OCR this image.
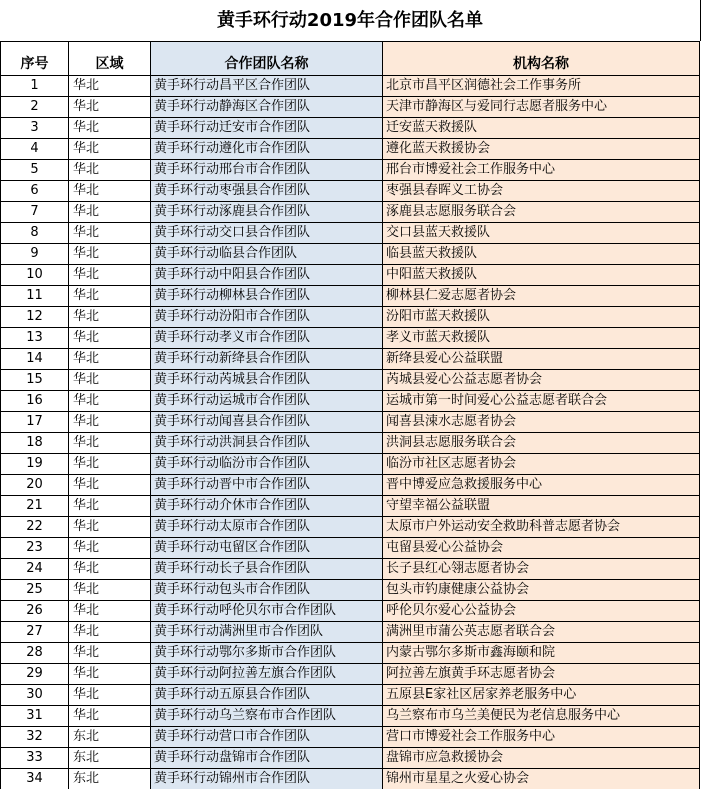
黄手环行动2019年合作团队名单
序号	区域	合作团队名称	机构名称
1	华北	黄手环行动昌平区合作团队	北京市昌平区润德社会工作事务所
2	华北	黄手环行动静海区合作团队	天津市静海区与爱同行志愿者服务中心
3	华北	黄手环行动迁安市合作团队	迁安蓝天救援队
4	华北	黄手环行动遵化市合作团队	遵化蓝天救援协会
5	华北	黄手环行动邢台市合作团队	邢台市博爱社会工作服务中心
6	华北	黄手环行动枣强县合作团队	枣强县春晖义工协会
7	华北	黄手环行动涿鹿县合作团队	涿鹿县志愿服务联合会
8	华北	黄手环行动交口县合作团队	交口县蓝天救援队
9	华北	黄手环行动临县合作团队	临县蓝天救援队
10	华北	黄手环行动中阳县合作团队	中阳蓝天救援队
11	华北	黄手环行动柳林县合作团队	柳林县仁爱志愿者协会
12	华北	黄手环行动汾阳市合作团队	汾阳市蓝天救援队
13	华北	黄手环行动孝义市合作团队	孝义市蓝天救援队
14	华北	黄手环行动新绛县合作团队	新绛县爱心公益联盟
15	华北	黄手环行动芮城县合作团队	芮城县爱心公益志愿者协会
16	华北	黄手环行动运城市合作团队	运城市第一时间爱心公益志愿者联合会
17	华北	黄手环行动闻喜县合作团队	闻喜县涑水志愿者协会
18	华北	黄手环行动洪洞县合作团队	洪洞县志愿服务联合会
19	华北	黄手环行动临汾市合作团队	临汾市社区志愿者协会
20	华北	黄手环行动晋中市合作团队	晋中博爱应急救援服务中心
21	华北	黄手环行动介休市合作团队	守望幸福公益联盟
22	华北	黄手环行动太原市合作团队	太原市户外运动安全救助科普志愿者协会
23	华北	黄手环行动屯留区合作团队	屯留县爱心公益协会
24	华北	黄手环行动长子县合作团队	长子县红心翎志愿者协会
25	华北	黄手环行动包头市合作团队	包头市钓康健康公益协会
26	华北	黄手环行动呼伦贝尔市合作团队	呼伦贝尔爱心公益协会
27	华北	黄手环行动满洲里市合作团队	满洲里市蒲公英志愿者联合会
28	华北	黄手环行动鄂尔多斯市合作团队	内蒙古鄂尔多斯市鑫海颐和院
29	华北	黄手环行动阿拉善左旗合作团队	阿拉善左旗黄手环志愿者协会
30	华北	黄手环行动五原县合作团队	五原县E家社区居家养老服务中心
31	华北	黄手环行动乌兰察布市合作团队	乌兰察布市乌兰美便民为老信息服务中心
32	东北	黄手环行动营口市合作团队	营口市博爱社会工作服务中心
33	东北	黄手环行动盘锦市合作团队	盘锦市应急救援协会
34	东北	黄手环行动锦州市合作团队	锦州市星星之火爱心协会
